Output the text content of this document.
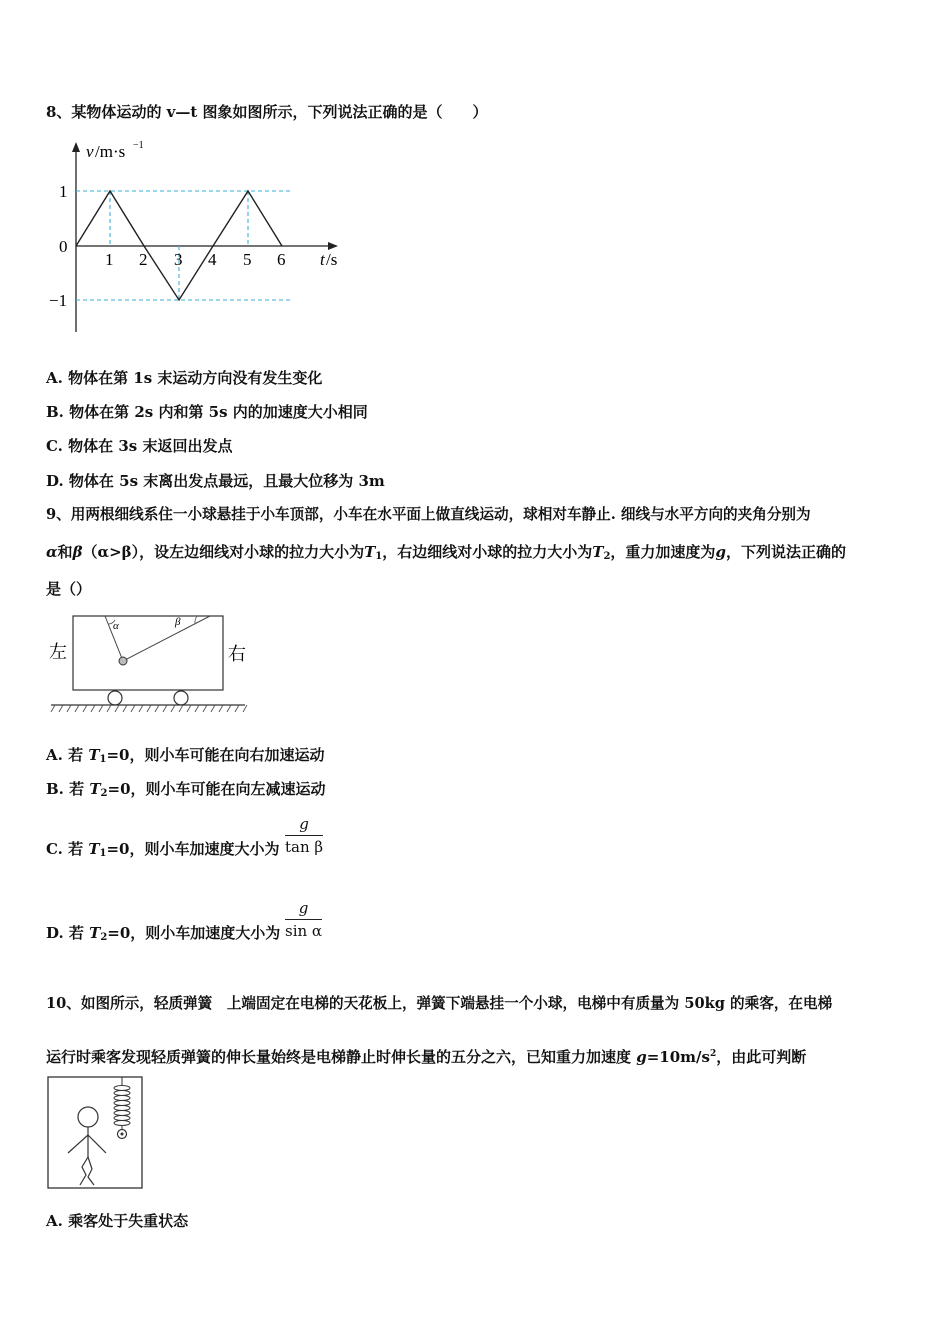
8、某物体运动的 v—t 图象如图所示，下列说法正确的是（　　）
v /m·s −1
1
0
−1
1 2 3 4 5 6 t /s
A. 物体在第 1s 末运动方向没有发生变化
B. 物体在第 2s 内和第 5s 内的加速度大小相同
C. 物体在 3s 末返回出发点
D. 物体在 5s 末离出发点最远，且最大位移为 3m
9、用两根细线系住一小球悬挂于小车顶部，小车在水平面上做直线运动，球相对车静止. 细线与水平方向的夹角分别为
α和β（α>β），设左边细线对小球的拉力大小为$T_1$，右边细线对小球的拉力大小为$T_2$，重力加速度为g，下列说法正确的
是（）
α	β
左	右
A. 若 $T_1=0$，则小车可能在向右加速运动
B. 若 $T_2=0$，则小车可能在向左减速运动
C. 若 $T_1=0$，则小车加速度大小为 $\frac{g}{\text{tan β}}$
D. 若 $T_2=0$，则小车加速度大小为 $\frac{g}{\text{sin α}}$
10、如图所示，轻质弹簧　上端固定在电梯的天花板上，弹簧下端悬挂一个小球，电梯中有质量为 50kg 的乘客，在电梯
运行时乘客发现轻质弹簧的伸长量始终是电梯静止时伸长量的五分之六，已知重力加速度 $g=10m/s^2$，由此可判断
A. 乘客处于失重状态
